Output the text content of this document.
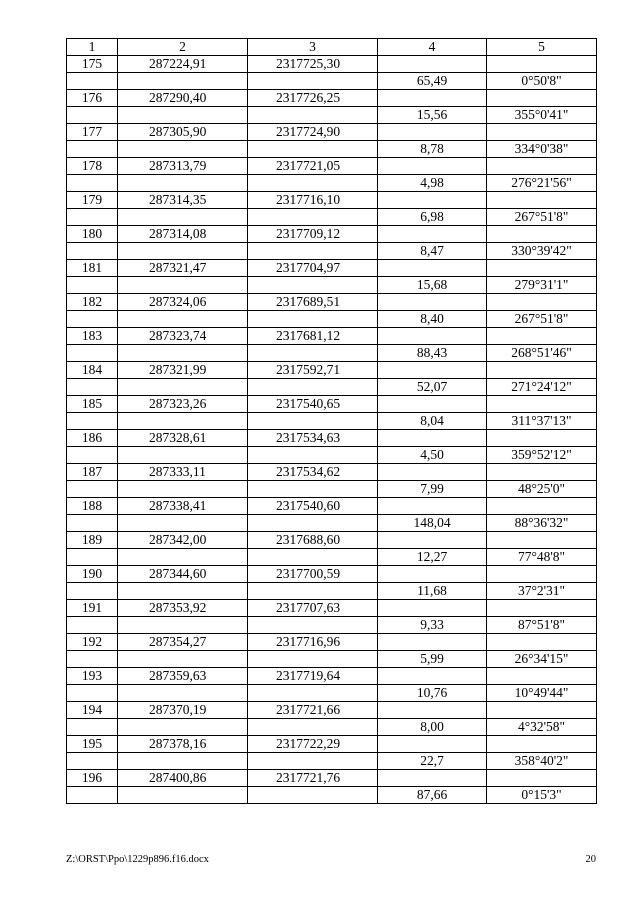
1	2	3	4	5
175	287224,91	2317725,30		
			65,49	0°50'8"
176	287290,40	2317726,25		
			15,56	355°0'41"
177	287305,90	2317724,90		
			8,78	334°0'38"
178	287313,79	2317721,05		
			4,98	276°21'56"
179	287314,35	2317716,10		
			6,98	267°51'8"
180	287314,08	2317709,12		
			8,47	330°39'42"
181	287321,47	2317704,97		
			15,68	279°31'1"
182	287324,06	2317689,51		
			8,40	267°51'8"
183	287323,74	2317681,12		
			88,43	268°51'46"
184	287321,99	2317592,71		
			52,07	271°24'12"
185	287323,26	2317540,65		
			8,04	311°37'13"
186	287328,61	2317534,63		
			4,50	359°52'12"
187	287333,11	2317534,62		
			7,99	48°25'0"
188	287338,41	2317540,60		
			148,04	88°36'32"
189	287342,00	2317688,60		
			12,27	77°48'8"
190	287344,60	2317700,59		
			11,68	37°2'31"
191	287353,92	2317707,63		
			9,33	87°51'8"
192	287354,27	2317716,96		
			5,99	26°34'15"
193	287359,63	2317719,64		
			10,76	10°49'44"
194	287370,19	2317721,66		
			8,00	4°32'58"
195	287378,16	2317722,29		
			22,7	358°40'2"
196	287400,86	2317721,76		
			87,66	0°15'3"
Z:\ORST\Ppo\1229p896.f16.docx	20
